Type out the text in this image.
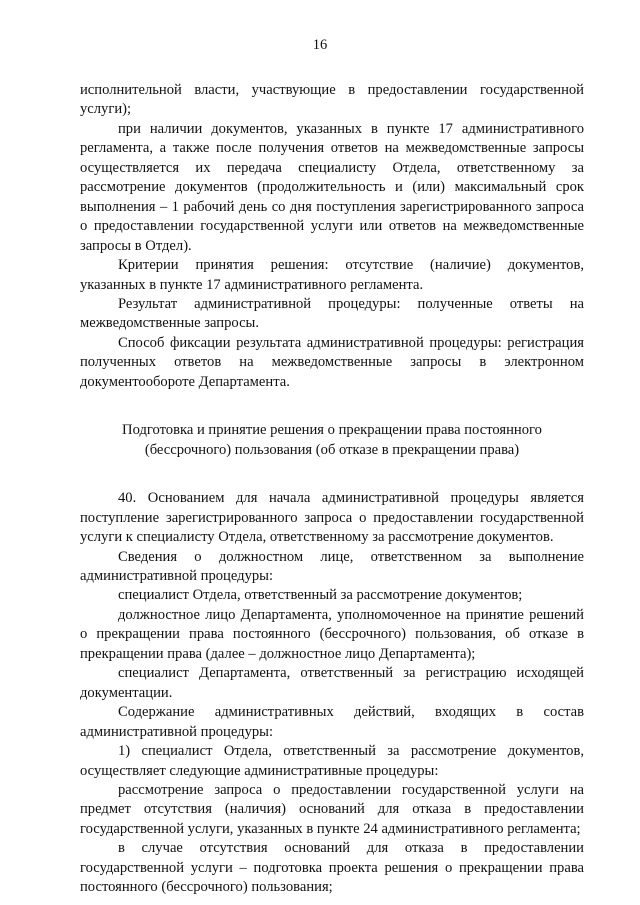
16

исполнительной власти, участвующие в предоставлении государственной услуги);

при наличии документов, указанных в пункте 17 административного регламента, а также после получения ответов на межведомственные запросы осуществляется их передача специалисту Отдела, ответственному за рассмотрение документов (продолжительность и (или) максимальный срок выполнения – 1 рабочий день со дня поступления зарегистрированного запроса о предоставлении государственной услуги или ответов на межведомственные запросы в Отдел).

Критерии принятия решения: отсутствие (наличие) документов, указанных в пункте 17 административного регламента.

Результат административной процедуры: полученные ответы на межведомственные запросы.

Способ фиксации результата административной процедуры: регистрация полученных ответов на межведомственные запросы в электронном документообороте Департамента.

Подготовка и принятие решения о прекращении права постоянного
(бессрочного) пользования (об отказе в прекращении права)

40. Основанием для начала административной процедуры является поступление зарегистрированного запроса о предоставлении государственной услуги к специалисту Отдела, ответственному за рассмотрение документов.

Сведения о должностном лице, ответственном за выполнение административной процедуры:

специалист Отдела, ответственный за рассмотрение документов;

должностное лицо Департамента, уполномоченное на принятие решений о прекращении права постоянного (бессрочного) пользования, об отказе в прекращении права (далее – должностное лицо Департамента);

специалист Департамента, ответственный за регистрацию исходящей документации.

Содержание административных действий, входящих в состав административной процедуры:

1) специалист Отдела, ответственный за рассмотрение документов, осуществляет следующие административные процедуры:

рассмотрение запроса о предоставлении государственной услуги на предмет отсутствия (наличия) оснований для отказа в предоставлении государственной услуги, указанных в пункте 24 административного регламента;

в случае отсутствия оснований для отказа в предоставлении государственной услуги – подготовка проекта решения о прекращении права постоянного (бессрочного) пользования;
